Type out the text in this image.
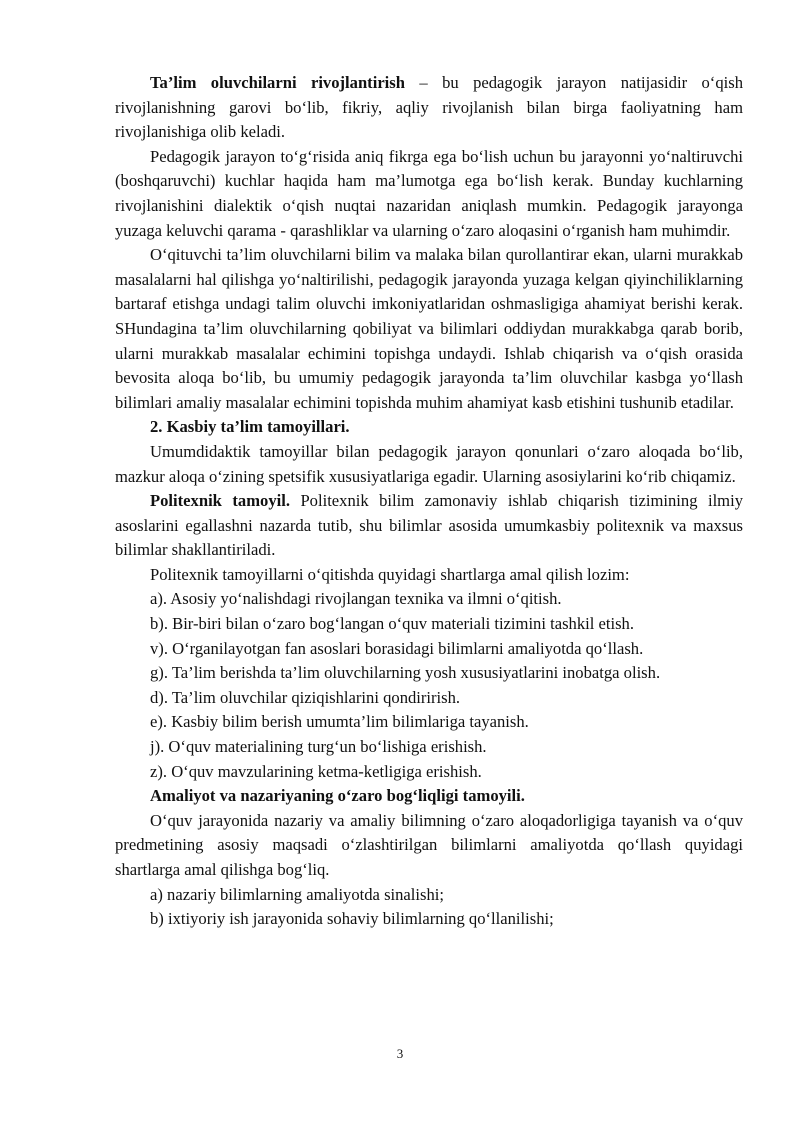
Ta’lim oluvchilarni rivojlantirish – bu pedagogik jarayon natijasidir o‘qish rivojlanishning garovi bo‘lib, fikriy, aqliy rivojlanish bilan birga faoliyatning ham rivojlanishiga olib keladi.

Pedagogik jarayon to‘g‘risida aniq fikrga ega bo‘lish uchun bu jarayonni yo‘naltiruvchi (boshqaruvchi) kuchlar haqida ham ma’lumotga ega bo‘lish kerak. Bunday kuchlarning rivojlanishini dialektik o‘qish nuqtai nazaridan aniqlash mumkin. Pedagogik jarayonga yuzaga keluvchi qarama - qarashliklar va ularning o‘zaro aloqasini o‘rganish ham muhimdir.

O‘qituvchi ta’lim oluvchilarni bilim va malaka bilan qurollantirar ekan, ularni murakkab masalalarni hal qilishga yo‘naltirilishi, pedagogik jarayonda yuzaga kelgan qiyinchiliklarning bartaraf etishga undagi talim oluvchi imkoniyatlaridan oshmasligiga ahamiyat berishi kerak. SHundagina ta’lim oluvchilarning qobiliyat va bilimlari oddiydan murakkabga qarab borib, ularni murakkab masalalar echimini topishga undaydi. Ishlab chiqarish va o‘qish orasida bevosita aloqa bo‘lib, bu umumiy pedagogik jarayonda ta’lim oluvchilar kasbga yo‘llash bilimlari amaliy masalalar echimini topishda muhim ahamiyat kasb etishini tushunib etadilar.

2. Kasbiy ta’lim tamoyillari.

Umumdidaktik tamoyillar bilan pedagogik jarayon qonunlari o‘zaro aloqada bo‘lib, mazkur aloqa o‘zining spetsifik xususiyatlariga egadir. Ularning asosiylarini ko‘rib chiqamiz.

Politexnik tamoyil. Politexnik bilim zamonaviy ishlab chiqarish tizimining ilmiy asoslarini egallashni nazarda tutib, shu bilimlar asosida umumkasbiy politexnik va maxsus bilimlar shakllantiriladi.

Politexnik tamoyillarni o‘qitishda quyidagi shartlarga amal qilish lozim:

a). Asosiy yo‘nalishdagi rivojlangan texnika va ilmni o‘qitish.

b). Bir-biri bilan o‘zaro bog‘langan o‘quv materiali tizimini tashkil etish.

v). O‘rganilayotgan fan asoslari borasidagi bilimlarni amaliyotda qo‘llash.

g). Ta’lim berishda ta’lim oluvchilarning yosh xususiyatlarini inobatga olish.

d). Ta’lim oluvchilar qiziqishlarini qondirirish.

e). Kasbiy bilim berish umumta’lim bilimlariga tayanish.

j). O‘quv materialining turg‘un bo‘lishiga erishish.

z). O‘quv mavzularining ketma-ketligiga erishish.

Amaliyot va nazariyaning o‘zaro bog‘liqligi tamoyili.

O‘quv jarayonida nazariy va amaliy bilimning o‘zaro aloqadorligiga tayanish va o‘quv predmetining asosiy maqsadi o‘zlashtirilgan bilimlarni amaliyotda qo‘llash quyidagi shartlarga amal qilishga bog‘liq.

a) nazariy bilimlarning amaliyotda sinalishi;

b) ixtiyoriy ish jarayonida sohaviy bilimlarning qo‘llanilishi;

3
